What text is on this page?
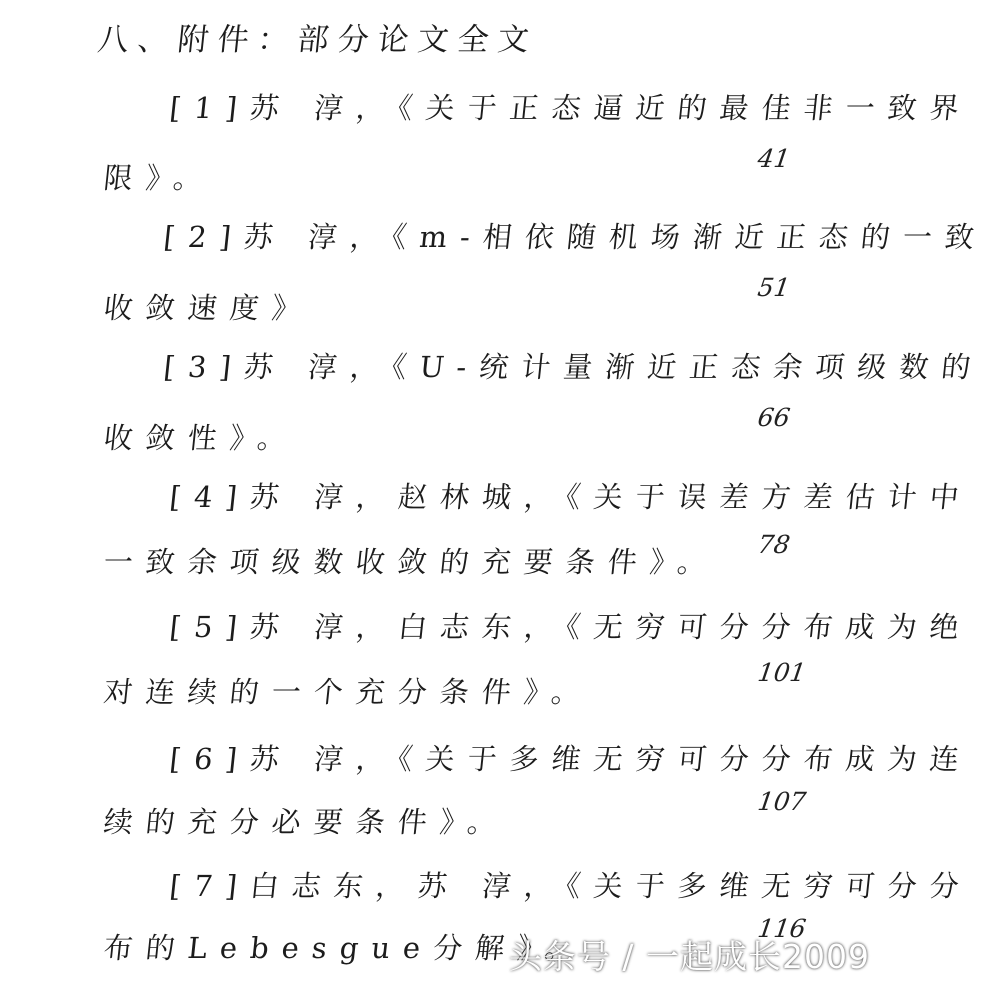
八、附件：部分论文全文
[1]苏 淳，《关于正态逼近的最佳非一致界
41
限》。
[2]苏 淳，《m-相依随机场渐近正态的一致
51
收敛速度》
[3]苏 淳，《U-统计量渐近正态余项级数的
66
收敛性》。
[4]苏 淳，赵林城，《关于误差方差估计中
78
一致余项级数收敛的充要条件》。
[5]苏 淳，白志东，《无穷可分分布成为绝
101
对连续的一个充分条件》。
[6]苏 淳，《关于多维无穷可分分布成为连
107
续的充分必要条件》。
[7]白志东，苏 淳，《关于多维无穷可分分
116
布的Lebesgue分解》。
头条号 / 一起成长2009
